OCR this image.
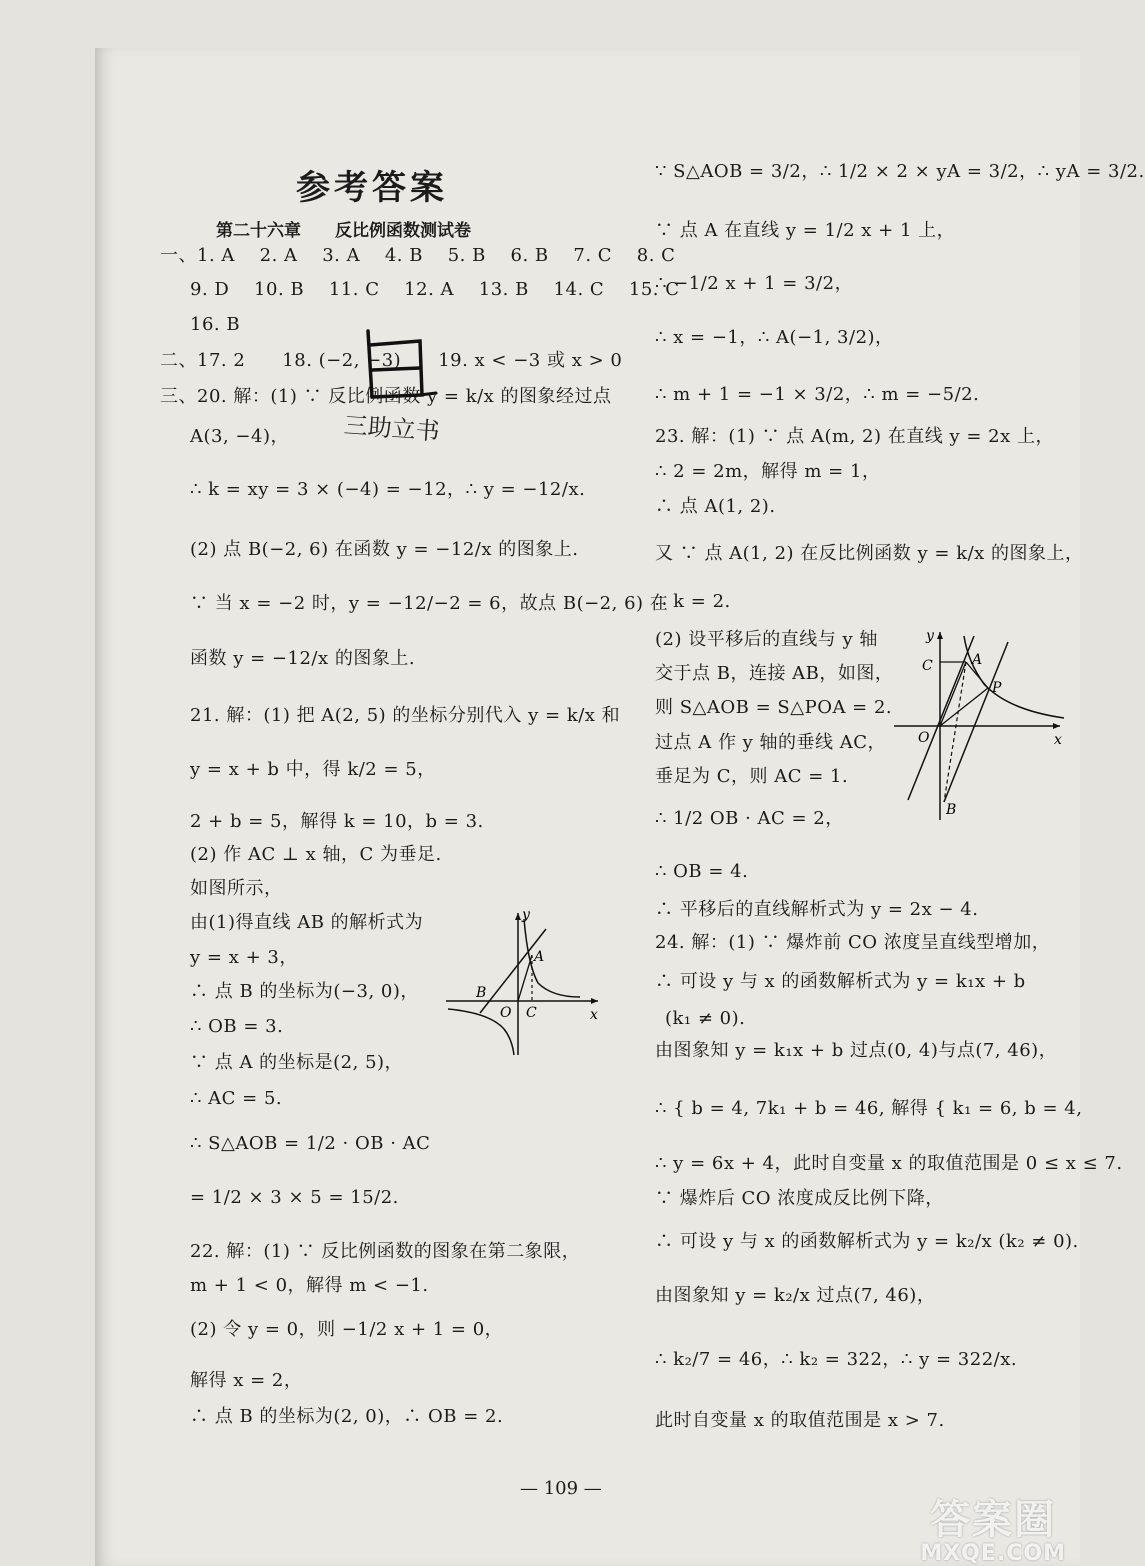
参考答案
第二十六章　　反比例函数测试卷
一、1. A　 2. A　 3. A　 4. B　 5. B　 6. B　 7. C　 8. C
9. D　 10. B　 11. C　 12. A　 13. B　 14. C　 15. C
16. B
二、17. 2　　18. (−2, −3)　　19. x < −3 或 x > 0
三、20. 解：(1) ∵ 反比例函数 y = k/x 的图象经过点
A(3, −4)，
∴ k = xy = 3 × (−4) = −12，∴ y = −12/x.
(2) 点 B(−2, 6) 在函数 y = −12/x 的图象上.
∵ 当 x = −2 时，y = −12/−2 = 6，故点 B(−2, 6) 在
函数 y = −12/x 的图象上.
21. 解：(1) 把 A(2, 5) 的坐标分别代入 y = k/x 和
y = x + b 中，得 k/2 = 5，
2 + b = 5，解得 k = 10，b = 3.
(2) 作 AC ⊥ x 轴，C 为垂足.
如图所示，
由(1)得直线 AB 的解析式为
y = x + 3，
∴ 点 B 的坐标为(−3, 0)，
∴ OB = 3.
∵ 点 A 的坐标是(2, 5)，
∴ AC = 5.
∴ S△AOB = 1/2 · OB · AC
= 1/2 × 3 × 5 = 15/2.
22. 解：(1) ∵ 反比例函数的图象在第二象限，
m + 1 < 0，解得 m < −1.
(2) 令 y = 0，则 −1/2 x + 1 = 0，
解得 x = 2，
∴ 点 B 的坐标为(2, 0)，∴ OB = 2.
∵ S△AOB = 3/2，∴ 1/2 × 2 × yA = 3/2，∴ yA = 3/2.
∵ 点 A 在直线 y = 1/2 x + 1 上，
∴ −1/2 x + 1 = 3/2，
∴ x = −1，∴ A(−1, 3/2)，
∴ m + 1 = −1 × 3/2，∴ m = −5/2.
23. 解：(1) ∵ 点 A(m, 2) 在直线 y = 2x 上，
∴ 2 = 2m，解得 m = 1，
∴ 点 A(1, 2).
又 ∵ 点 A(1, 2) 在反比例函数 y = k/x 的图象上，
∴ k = 2.
(2) 设平移后的直线与 y 轴
交于点 B，连接 AB，如图，
则 S△AOB = S△POA = 2.
过点 A 作 y 轴的垂线 AC，
垂足为 C，则 AC = 1.
∴ 1/2 OB · AC = 2，
∴ OB = 4.
∴ 平移后的直线解析式为 y = 2x − 4.
24. 解：(1) ∵ 爆炸前 CO 浓度呈直线型增加，
∴ 可设 y 与 x 的函数解析式为 y = k₁x + b
(k₁ ≠ 0).
由图象知 y = k₁x + b 过点(0, 4)与点(7, 46)，
∴ { b = 4, 7k₁ + b = 46, 解得 { k₁ = 6, b = 4,
∴ y = 6x + 4，此时自变量 x 的取值范围是 0 ≤ x ≤ 7.
∵ 爆炸后 CO 浓度成反比例下降，
∴ 可设 y 与 x 的函数解析式为 y = k₂/x (k₂ ≠ 0).
由图象知 y = k₂/x 过点(7, 46)，
∴ k₂/7 = 46，∴ k₂ = 322，∴ y = 322/x.
此时自变量 x 的取值范围是 x > 7.
三助立书
y
x
A
B
O C
y
x
A
C
P
O
B
— 109 —
答案圈
MXQE.COM
